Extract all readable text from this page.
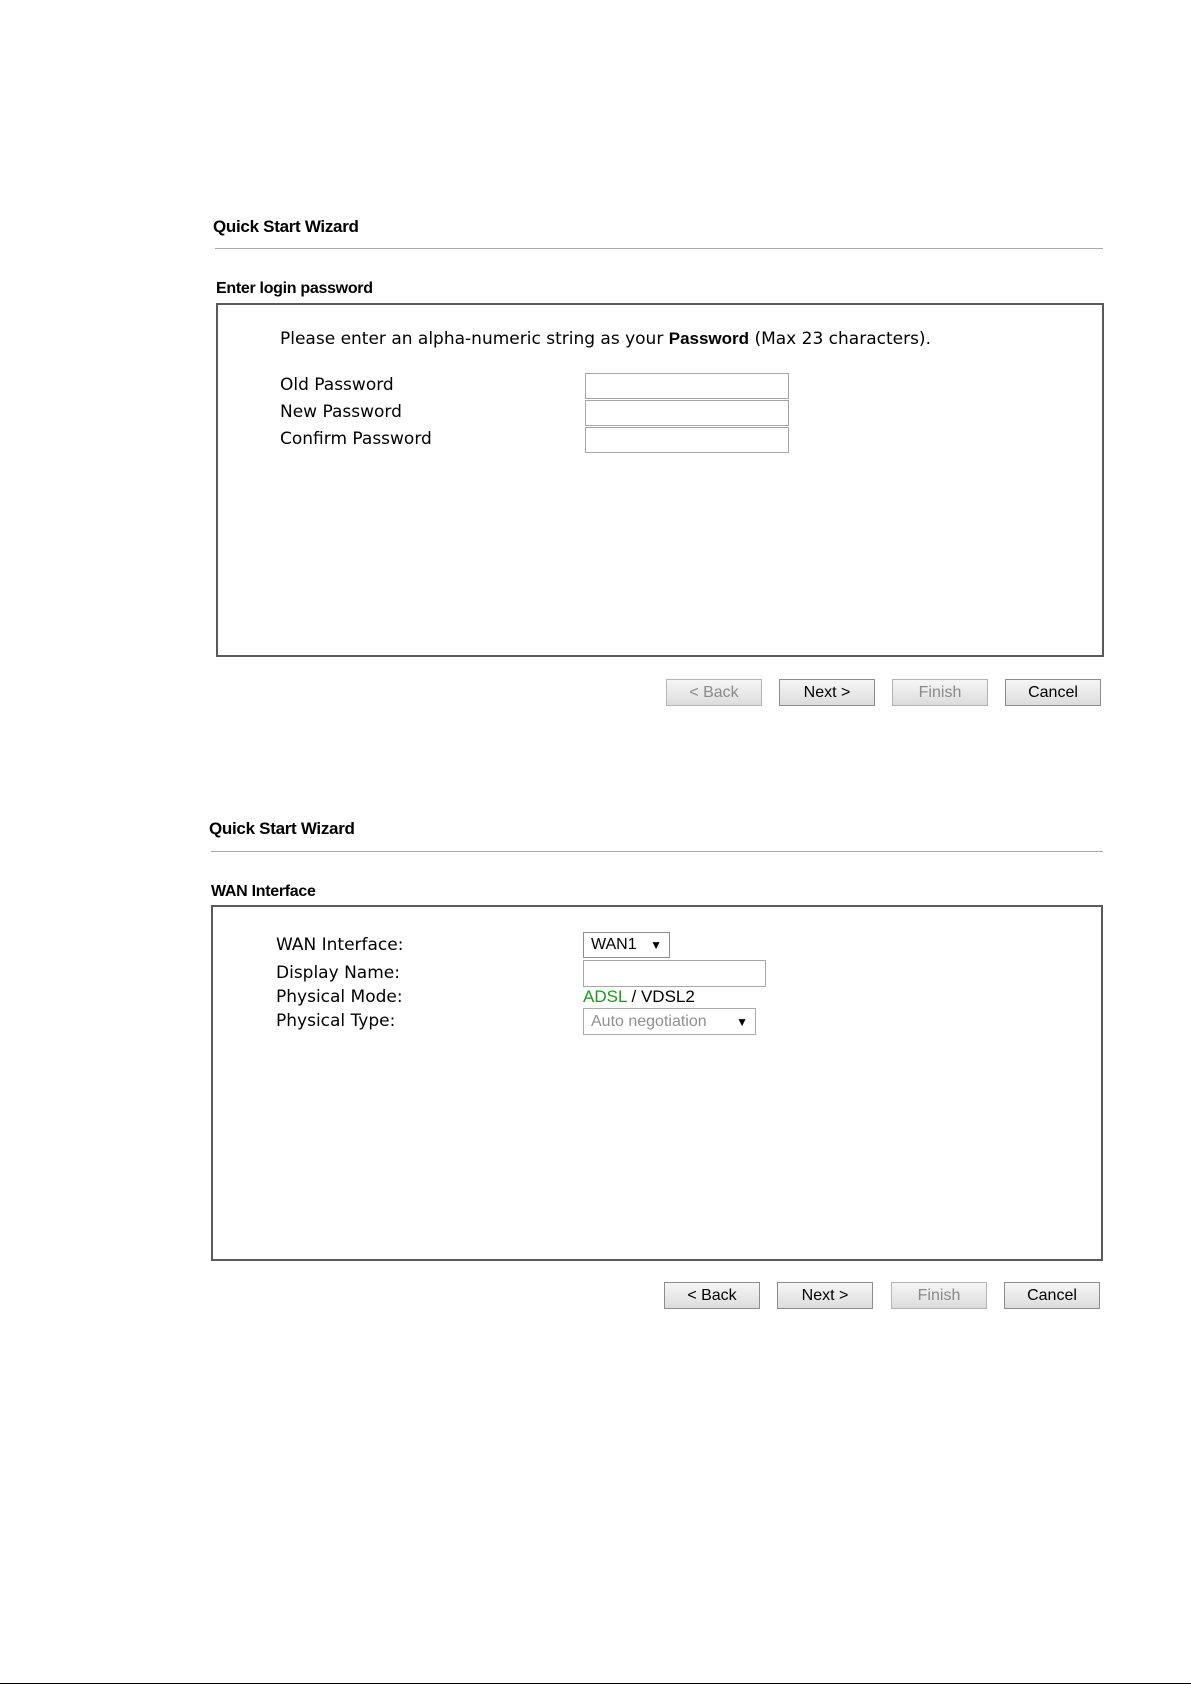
Quick Start Wizard
Enter login password
Please enter an alpha-numeric string as your Password (Max 23 characters).
Old Password
New Password
Confirm Password
< Back	Next >	Finish	Cancel
Quick Start Wizard
WAN Interface
WAN Interface:	WAN1 ▼
Display Name:
Physical Mode:	ADSL / VDSL2
Physical Type:	Auto negotiation ▼
< Back	Next >	Finish	Cancel
